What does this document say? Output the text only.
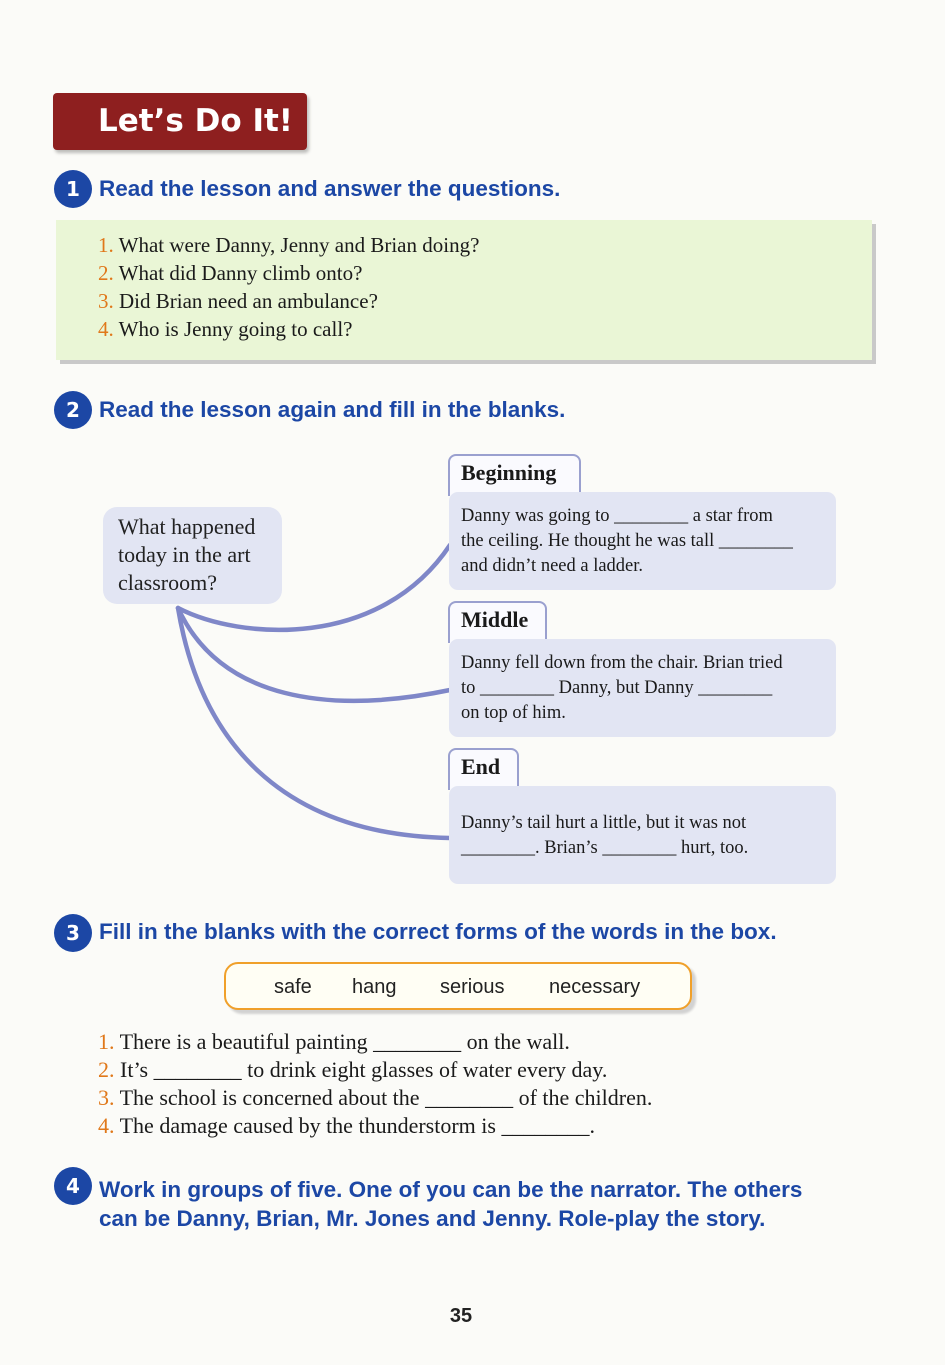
Let’s Do It!
1 Read the lesson and answer the questions.
1. What were Danny, Jenny and Brian doing?
2. What did Danny climb onto?
3. Did Brian need an ambulance?
4. Who is Jenny going to call?
2 Read the lesson again and fill in the blanks.
What happened
today in the art
classroom?
Beginning
Danny was going to ________ a star from
the ceiling. He thought he was tall ________
and didn’t need a ladder.
Middle
Danny fell down from the chair. Brian tried
to ________ Danny, but Danny ________
on top of him.
End
Danny’s tail hurt a little, but it was not
________. Brian’s ________ hurt, too.
3 Fill in the blanks with the correct forms of the words in the box.
safe hang serious necessary
1. There is a beautiful painting ________ on the wall.
2. It’s ________ to drink eight glasses of water every day.
3. The school is concerned about the ________ of the children.
4. The damage caused by the thunderstorm is ________.
4 Work in groups of five. One of you can be the narrator. The others
can be Danny, Brian, Mr. Jones and Jenny. Role-play the story.
35
